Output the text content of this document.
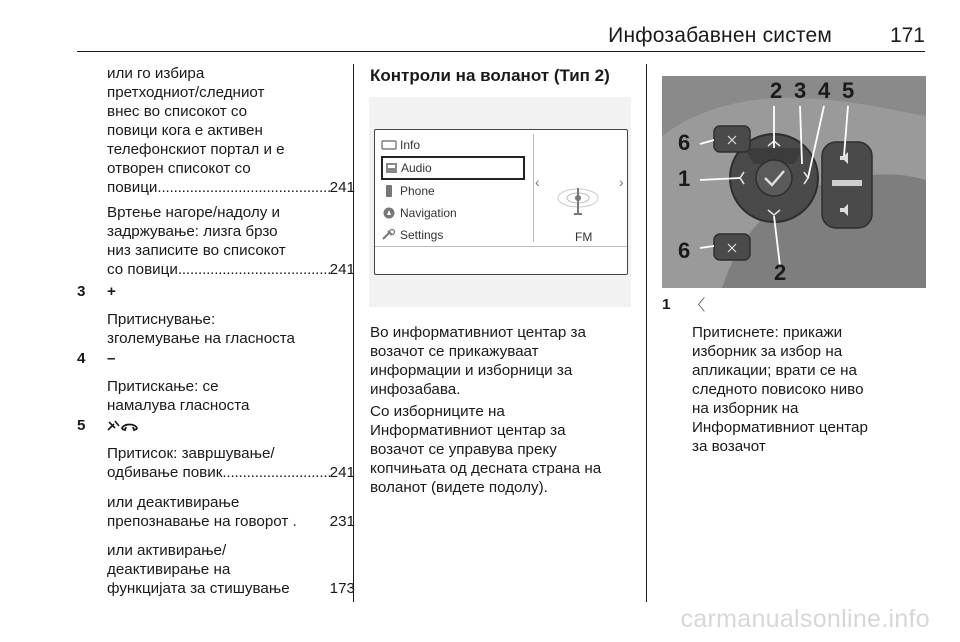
Инфозабавнен систем	171
или го избира
претходниот/следниот
внес во списокот со
повици кога е активен
телефонскиот портал и е
отворен списокот со
повици . . .	241
Вртење нагоре/надолу и
задржување: лизга брзо
низ записите во списокот
со повици . . .	241
3 +
Притиснување:
зголемување на гласноста
4 –
Притискање: се
намалува гласноста
5
Притисок: завршување/
одбивање повик . . .	241
или деактивирање
препознавање на говорот . 231
или активирање/
деактивирање на
функцијата за стишување	173
Контроли на воланот (Тип 2)
Info
Audio
Phone
Navigation
Settings
‹	›
FM
Во информативниот центар за
возачот се прикажуваат
информации и изборници за
инфозабава.
Со изборниците на
Информативниот центар за
возачот се управува преку
копчињата од десната страна на
воланот (видете подолу).
2 3 4 5
6
1
6
2
1 〈
Притиснете: прикажи
изборник за избор на
апликации; врати се на
следното повисоко ниво
на изборник на
Информативниот центар
за возачот
carmanualsonline.info
